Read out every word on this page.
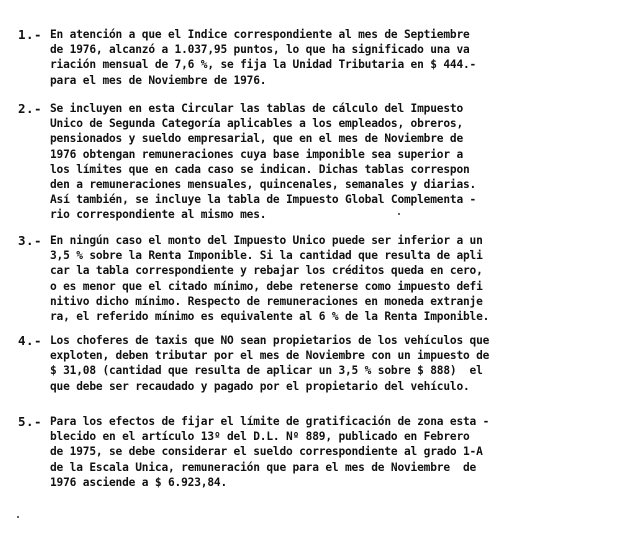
1.- En atención a que el Indice correspondiente al mes de Septiembre
de 1976, alcanzó a 1.037,95 puntos, lo que ha significado una va
riación mensual de 7,6 %, se fija la Unidad Tributaria en $ 444.-
para el mes de Noviembre de 1976.
2.- Se incluyen en esta Circular las tablas de cálculo del Impuesto
Unico de Segunda Categoría aplicables a los empleados, obreros,
pensionados y sueldo empresarial, que en el mes de Noviembre de
1976 obtengan remuneraciones cuya base imponible sea superior a
los límites que en cada caso se indican. Dichas tablas correspon
den a remuneraciones mensuales, quincenales, semanales y diarias.
Así también, se incluye la tabla de Impuesto Global Complementa -
rio correspondiente al mismo mes.
3.- En ningún caso el monto del Impuesto Unico puede ser inferior a un
3,5 % sobre la Renta Imponible. Si la cantidad que resulta de apli
car la tabla correspondiente y rebajar los créditos queda en cero,
o es menor que el citado mínimo, debe retenerse como impuesto defi
nitivo dicho mínimo. Respecto de remuneraciones en moneda extranje
ra, el referido mínimo es equivalente al 6 % de la Renta Imponible.
4.- Los choferes de taxis que NO sean propietarios de los vehículos que
exploten, deben tributar por el mes de Noviembre con un impuesto de
$ 31,08 (cantidad que resulta de aplicar un 3,5 % sobre $ 888)  el
que debe ser recaudado y pagado por el propietario del vehículo.
5.- Para los efectos de fijar el límite de gratificación de zona esta -
blecido en el artículo 13º del D.L. Nº 889, publicado en Febrero
de 1975, se debe considerar el sueldo correspondiente al grado 1-A
de la Escala Unica, remuneración que para el mes de Noviembre  de
1976 asciende a $ 6.923,84.
